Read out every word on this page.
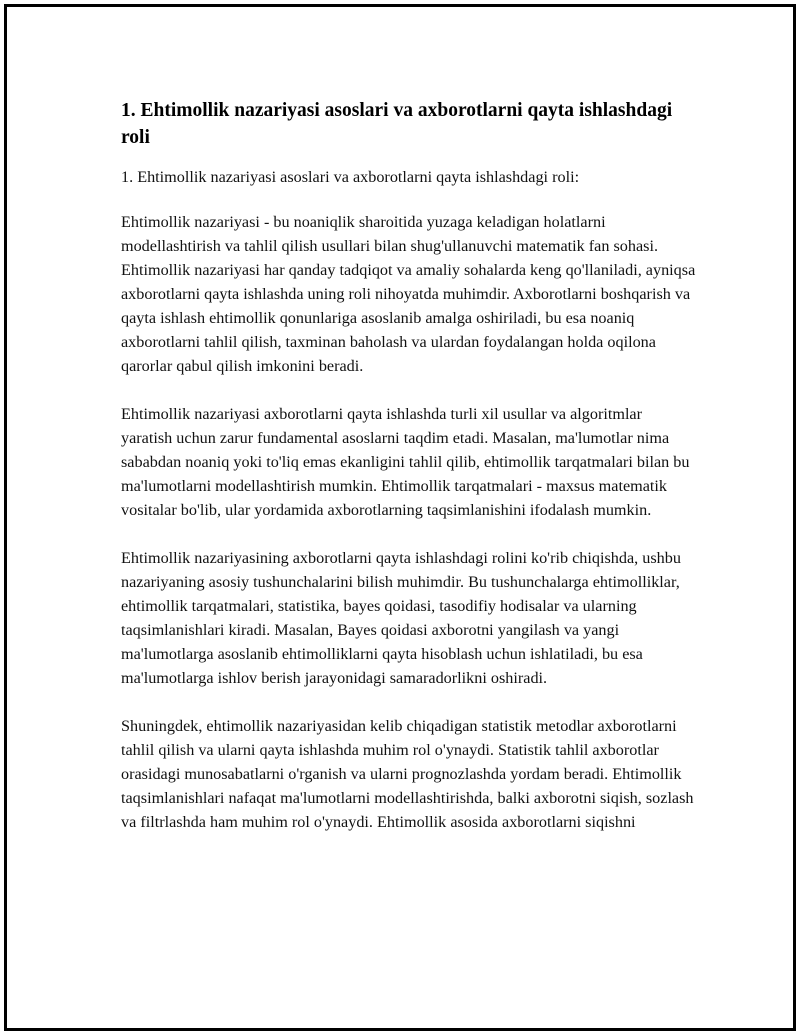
1. Ehtimollik nazariyasi asoslari va axborotlarni qayta ishlashdagi roli

1. Ehtimollik nazariyasi asoslari va axborotlarni qayta ishlashdagi roli:

Ehtimollik nazariyasi - bu noaniqlik sharoitida yuzaga keladigan holatlarni modellashtirish va tahlil qilish usullari bilan shug'ullanuvchi matematik fan sohasi. Ehtimollik nazariyasi har qanday tadqiqot va amaliy sohalarda keng qo'llaniladi, ayniqsa axborotlarni qayta ishlashda uning roli nihoyatda muhimdir. Axborotlarni boshqarish va qayta ishlash ehtimollik qonunlariga asoslanib amalga oshiriladi, bu esa noaniq axborotlarni tahlil qilish, taxminan baholash va ulardan foydalangan holda oqilona qarorlar qabul qilish imkonini beradi.

Ehtimollik nazariyasi axborotlarni qayta ishlashda turli xil usullar va algoritmlar yaratish uchun zarur fundamental asoslarni taqdim etadi. Masalan, ma'lumotlar nima sababdan noaniq yoki to'liq emas ekanligini tahlil qilib, ehtimollik tarqatmalari bilan bu ma'lumotlarni modellashtirish mumkin. Ehtimollik tarqatmalari - maxsus matematik vositalar bo'lib, ular yordamida axborotlarning taqsimlanishini ifodalash mumkin.

Ehtimollik nazariyasining axborotlarni qayta ishlashdagi rolini ko'rib chiqishda, ushbu nazariyaning asosiy tushunchalarini bilish muhimdir. Bu tushunchalarga ehtimolliklar, ehtimollik tarqatmalari, statistika, bayes qoidasi, tasodifiy hodisalar va ularning taqsimlanishlari kiradi. Masalan, Bayes qoidasi axborotni yangilash va yangi ma'lumotlarga asoslanib ehtimolliklarni qayta hisoblash uchun ishlatiladi, bu esa ma'lumotlarga ishlov berish jarayonidagi samaradorlikni oshiradi.

Shuningdek, ehtimollik nazariyasidan kelib chiqadigan statistik metodlar axborotlarni tahlil qilish va ularni qayta ishlashda muhim rol o'ynaydi. Statistik tahlil axborotlar orasidagi munosabatlarni o'rganish va ularni prognozlashda yordam beradi. Ehtimollik taqsimlanishlari nafaqat ma'lumotlarni modellashtirishda, balki axborotni siqish, sozlash va filtrlashda ham muhim rol o'ynaydi. Ehtimollik asosida axborotlarni siqishni
